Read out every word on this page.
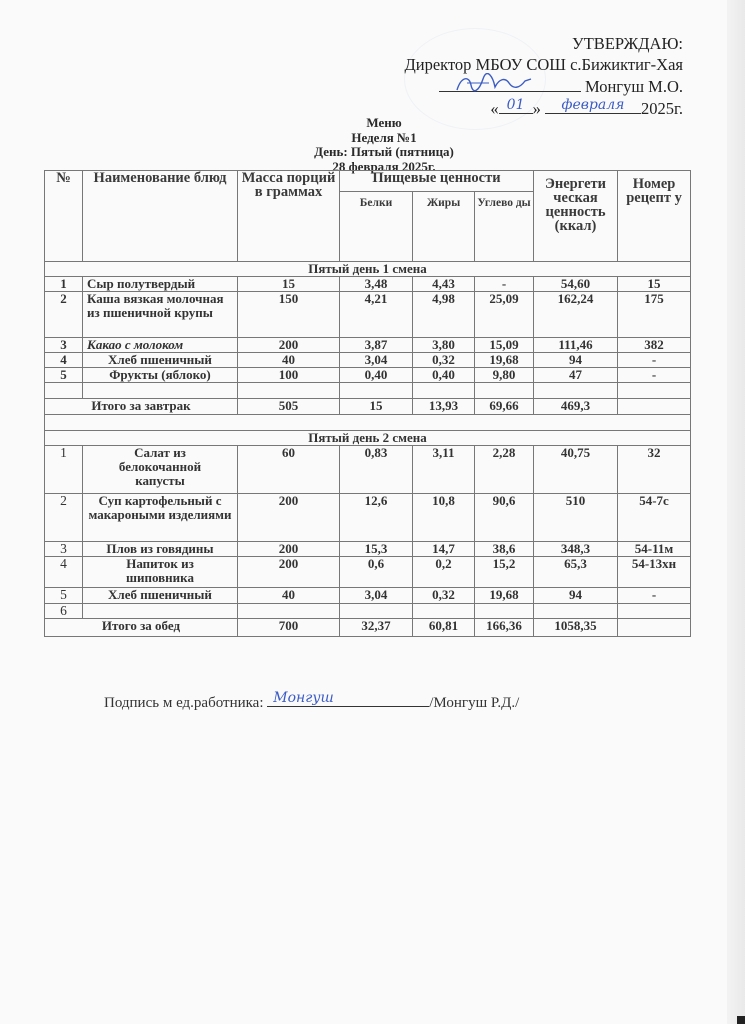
УТВЕРЖДАЮ:
Директор МБОУ СОШ с.Бижиктиг-Хая
Монгуш М.О.
« 01 »	февраля	2025г.
Меню
Неделя №1
День: Пятый (пятница)
28 февраля 2025г.
№	Наименование блюд	Масса порций в граммах	Пищевые ценности			Энергети ческая ценность (ккал)	Номер рецепт у
			Белки	Жиры	Углево ды		
Пятый день 1 смена							
1	Сыр полутвердый	15	3,48	4,43	-	54,60	15
2	Каша вязкая молочная из пшеничной крупы	150	4,21	4,98	25,09	162,24	175
3	Какао с молоком	200	3,87	3,80	15,09	111,46	382
4	Хлеб пшеничный	40	3,04	0,32	19,68	94	-
5	Фрукты (яблоко)	100	0,40	0,40	9,80	47	-

Итого за завтрак		505	15	13,93	69,66	469,3	

Пятый день 2 смена							
1	Салат из белокочанной капусты	60	0,83	3,11	2,28	40,75	32
2	Суп картофельный с макароными изделиями	200	12,6	10,8	90,6	510	54-7с
3	Плов из говядины	200	15,3	14,7	38,6	348,3	54-11м
4	Напиток из шиповника	200	0,6	0,2	15,2	65,3	54-13хн
5	Хлеб пшеничный	40	3,04	0,32	19,68	94	-
6							
Итого за обед		700	32,37	60,81	166,36	1058,35	
Подпись м ед.работника: Монгуш	/Монгуш Р.Д./
